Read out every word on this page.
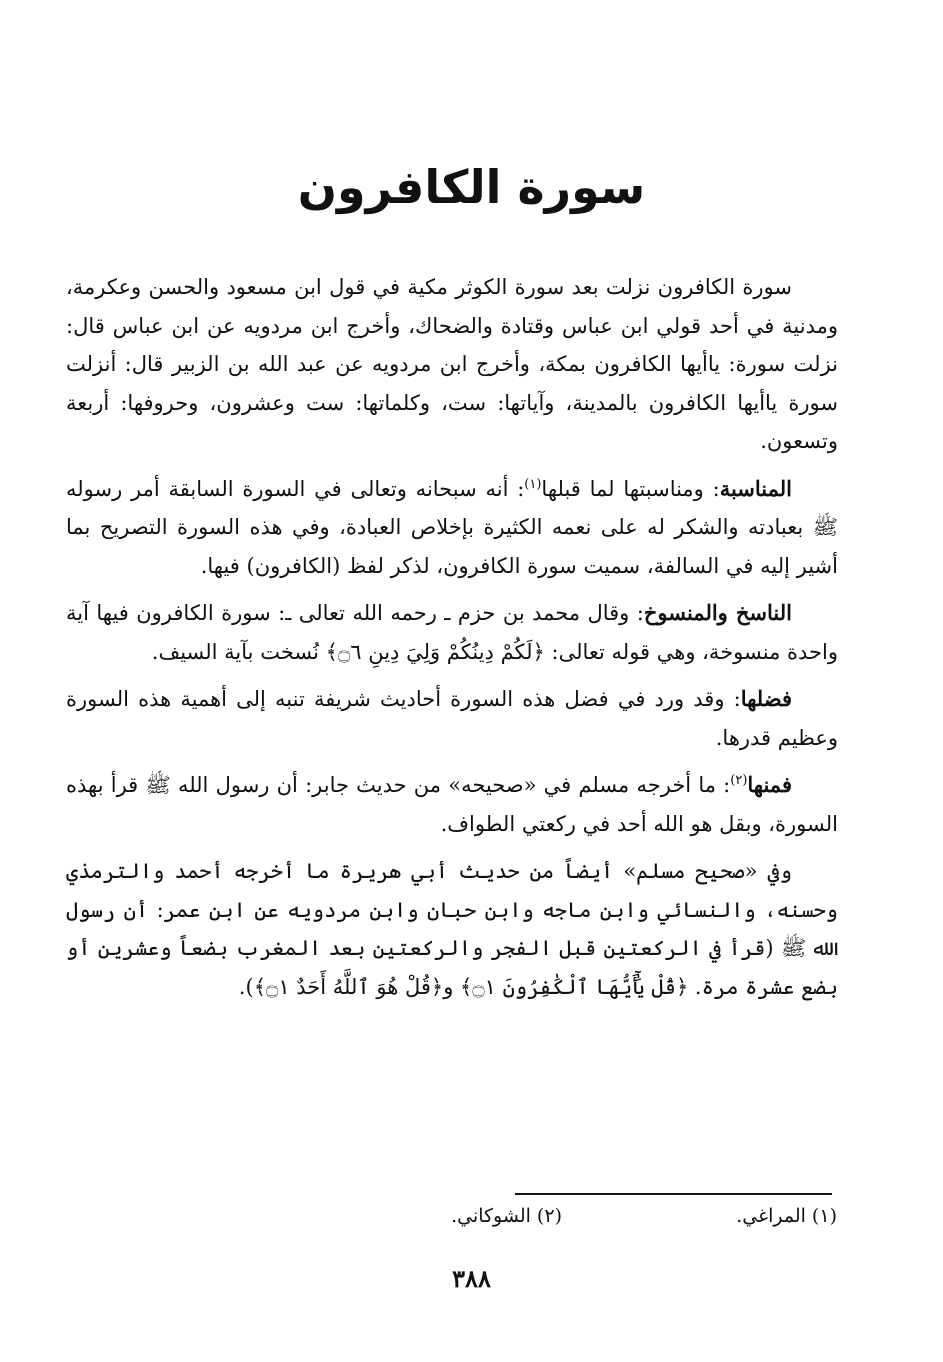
سورة الكافرون

سورة الكافرون نزلت بعد سورة الكوثر مكية في قول ابن مسعود والحسن وعكرمة، ومدنية في أحد قولي ابن عباس وقتادة والضحاك، وأخرج ابن مردويه عن ابن عباس قال: نزلت سورة: ياأيها الكافرون بمكة، وأخرج ابن مردويه عن عبد الله بن الزبير قال: أنزلت سورة ياأيها الكافرون بالمدينة، وآياتها: ست، وكلماتها: ست وعشرون، وحروفها: أربعة وتسعون.

المناسبة: ومناسبتها لما قبلها$^{(١)}$: أنه سبحانه وتعالى في السورة السابقة أمر رسوله ﷺ بعبادته والشكر له على نعمه الكثيرة بإخلاص العبادة، وفي هذه السورة التصريح بما أشير إليه في السالفة، سميت سورة الكافرون، لذكر لفظ (الكافرون) فيها.

الناسخ والمنسوخ: وقال محمد بن حزم ـ رحمه الله تعالى ـ: سورة الكافرون فيها آية واحدة منسوخة، وهي قوله تعالى: ﴿لَكُمْ دِينُكُمْ وَلِيَ دِينِ ۝٦﴾ نُسخت بآية السيف.

فضلها: وقد ورد في فضل هذه السورة أحاديث شريفة تنبه إلى أهمية هذه السورة وعظيم قدرها.

فمنها$^{(٢)}$: ما أخرجه مسلم في «صحيحه» من حديث جابر: أن رسول الله ﷺ قرأ بهذه السورة، وبقل هو الله أحد في ركعتي الطواف.

وفي «صحيح مسلم» أيضاً من حديث أبي هريرة ما أخرجه أحمد والترمذي وحسنه، والنسائي وابن ماجه وابن حبان وابن مردويه عن ابن عمر: أن رسول الله ﷺ (قرأ في الركعتين قبل الفجر والركعتين بعد المغرب بضعاً وعشرين أو بضع عشرة مرة. ﴿قُلْ يَٰٓأَيُّهَا ٱلْكَٰفِرُونَ ۝١﴾ و﴿قُلْ هُوَ ٱللَّهُ أَحَدٌ ۝١﴾).

(١) المراغي.
(٢) الشوكاني.
٣٨٨
